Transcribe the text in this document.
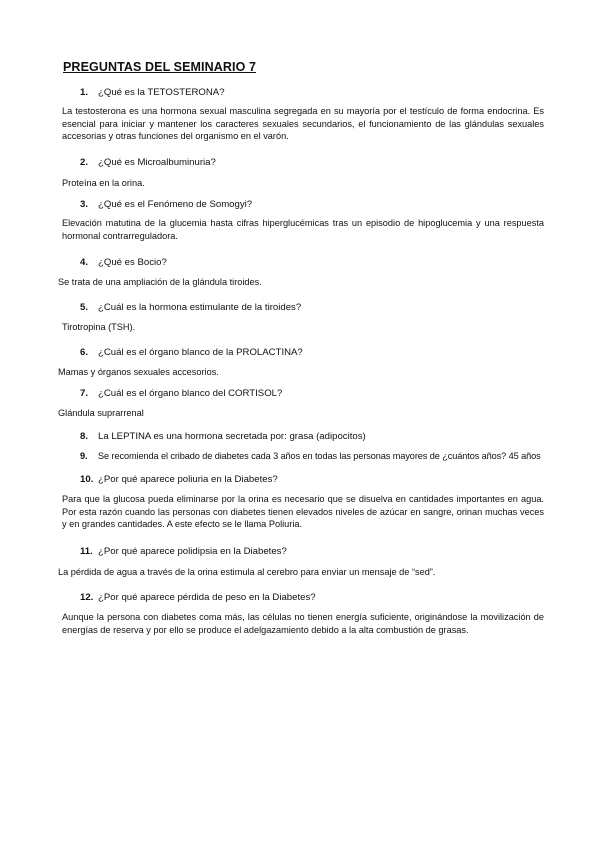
PREGUNTAS DEL SEMINARIO 7

1. ¿Qué es la TETOSTERONA?

La testosterona es una hormona sexual masculina segregada en su mayoría por el testículo de forma endocrina. Es esencial para iniciar y mantener los caracteres sexuales secundarios, el funcionamiento de las glándulas sexuales accesorias y otras funciones del organismo en el varón.

2. ¿Qué es Microalbuminuria?

Proteína en la orina.

3. ¿Qué es el Fenómeno de Somogyi?

Elevación matutina de la glucemia hasta cifras hiperglucémicas tras un episodio de hipoglucemia y una respuesta hormonal contrarreguladora.

4. ¿Qué es Bocio?

Se trata de una ampliación de la glándula tiroides.

5. ¿Cuál es la hormona estimulante de la tiroides?

Tirotropina (TSH).

6. ¿Cuál es el órgano blanco de la PROLACTINA?

Mamas y órganos sexuales accesorios.

7. ¿Cuál es el órgano blanco del CORTISOL?

Glándula suprarrenal

8. La LEPTINA es una hormona secretada por: grasa (adipocitos)

9. Se recomienda el cribado de diabetes cada 3 años en todas las personas mayores de ¿cuántos años? 45 años

10. ¿Por qué aparece poliuria en la Diabetes?

Para que la glucosa pueda eliminarse por la orina es necesario que se disuelva en cantidades importantes en agua. Por esta razón cuando las personas con diabetes tienen elevados niveles de azúcar en sangre, orinan muchas veces y en grandes cantidades. A este efecto se le llama Poliuria.

11. ¿Por qué aparece polidipsia en la Diabetes?

La pérdida de agua a través de la orina estimula al cerebro para enviar un mensaje de “sed”.

12. ¿Por qué aparece pérdida de peso en la Diabetes?

Aunque la persona con diabetes coma más, las células no tienen energía suficiente, originándose la movilización de energías de reserva y por ello se produce el adelgazamiento debido a la alta combustión de grasas.
